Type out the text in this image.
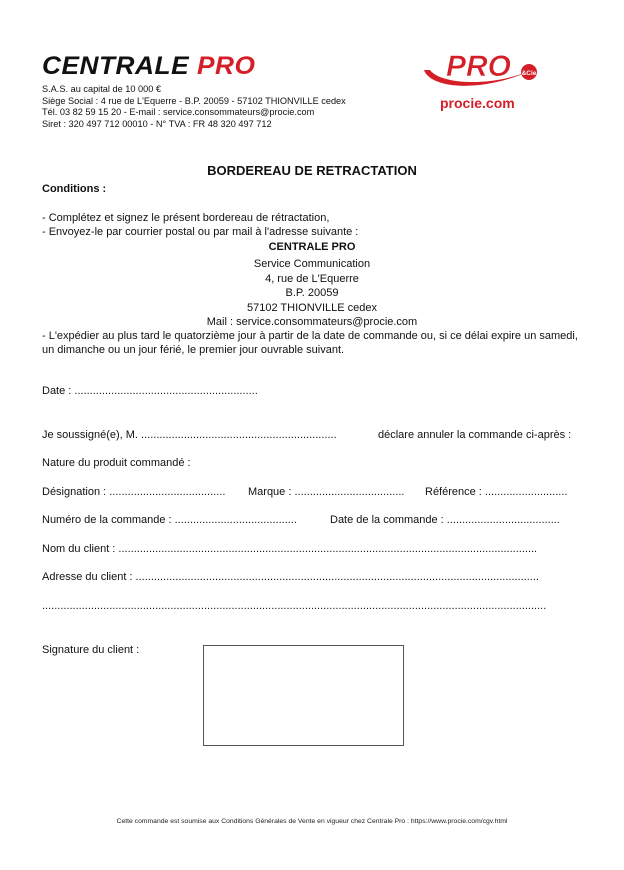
CENTRALE PRO
S.A.S. au capital de 10 000 €
Siège Social : 4 rue de L'Equerre - B.P. 20059 - 57102 THIONVILLE cedex
Tél. 03 82 59 15 20 - E-mail : service.consommateurs@procie.com
Siret : 320 497 712 00010 - N° TVA : FR 48 320 497 712
PRO &Cie
procie.com
BORDEREAU DE RETRACTATION
Conditions :
- Complétez et signez le présent bordereau de rétractation,
- Envoyez-le par courrier postal ou par mail à l'adresse suivante :
CENTRALE PRO
Service Communication
4, rue de L'Equerre
B.P. 20059
57102 THIONVILLE cedex
Mail : service.consommateurs@procie.com
- L'expédier au plus tard le quatorzième jour à partir de la date de commande ou, si ce délai expire un samedi, un dimanche ou un jour férié, le premier jour ouvrable suivant.
Date : ............................................................
Je soussigné(e), M. ................................................................	déclare annuler la commande ci-après :
Nature du produit commandé :
Désignation : ...................................... Marque : .................................... Référence : ...........................
Numéro de la commande : ........................................	Date de la commande : .....................................
Nom du client : .........................................................................................................................................
Adresse du client : ....................................................................................................................................
.....................................................................................................................................................................
Signature du client :
Cette commande est soumise aux Conditions Générales de Vente en vigueur chez Centrale Pro : https://www.procie.com/cgv.html
